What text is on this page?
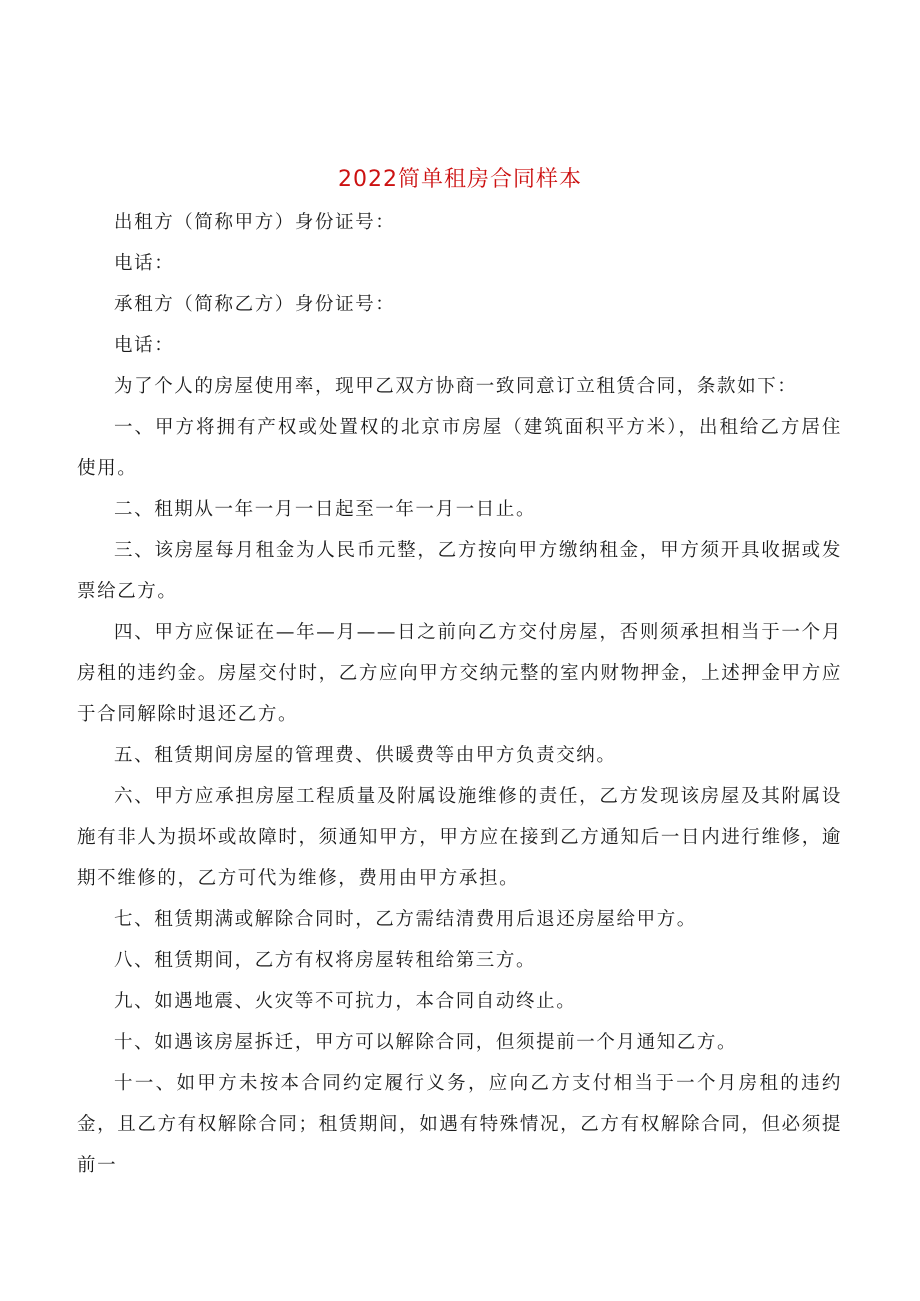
2022简单租房合同样本

出租方（简称甲方）身份证号：

电话：

承租方（简称乙方）身份证号：

电话：

为了个人的房屋使用率，现甲乙双方协商一致同意订立租赁合同，条款如下：

一、甲方将拥有产权或处置权的北京市房屋（建筑面积平方米），出租给乙方居住使用。

二、租期从一年一月一日起至一年一月一日止。

三、该房屋每月租金为人民币元整，乙方按向甲方缴纳租金，甲方须开具收据或发票给乙方。

四、甲方应保证在—年—月——日之前向乙方交付房屋，否则须承担相当于一个月房租的违约金。房屋交付时，乙方应向甲方交纳元整的室内财物押金，上述押金甲方应于合同解除时退还乙方。

五、租赁期间房屋的管理费、供暖费等由甲方负责交纳。

六、甲方应承担房屋工程质量及附属设施维修的责任，乙方发现该房屋及其附属设施有非人为损坏或故障时，须通知甲方，甲方应在接到乙方通知后一日内进行维修，逾期不维修的，乙方可代为维修，费用由甲方承担。

七、租赁期满或解除合同时，乙方需结清费用后退还房屋给甲方。

八、租赁期间，乙方有权将房屋转租给第三方。

九、如遇地震、火灾等不可抗力，本合同自动终止。

十、如遇该房屋拆迁，甲方可以解除合同，但须提前一个月通知乙方。

十一、如甲方未按本合同约定履行义务，应向乙方支付相当于一个月房租的违约金，且乙方有权解除合同；租赁期间，如遇有特殊情况，乙方有权解除合同，但必须提前一
